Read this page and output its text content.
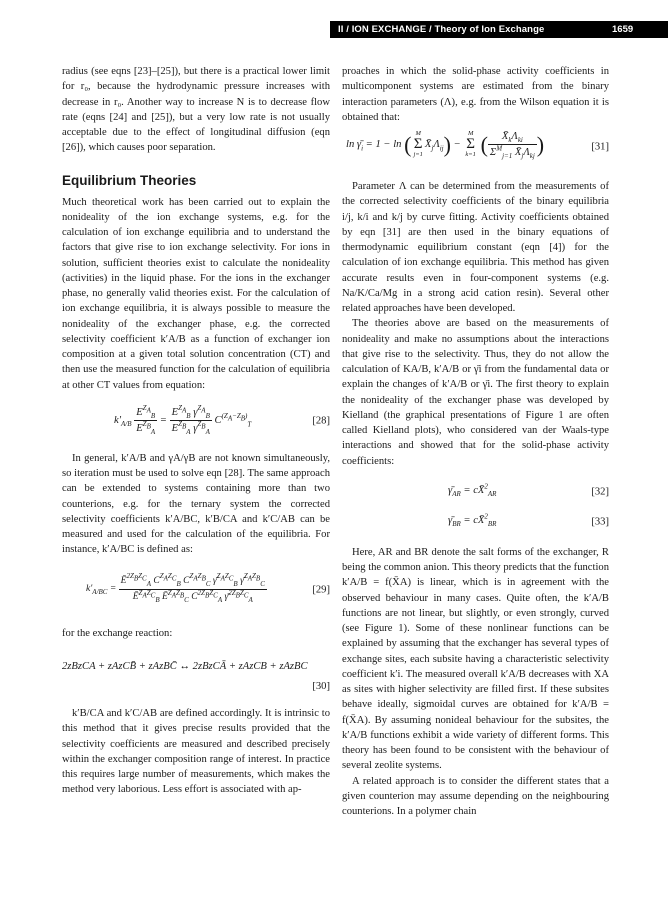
II / ION EXCHANGE / Theory of Ion Exchange	1659

radius (see eqns [23]–[25]), but there is a practical lower limit for r₀, because the hydrodynamic pressure increases with decrease in r₀. Another way to increase N is to decrease flow rate (eqns [24] and [25]), but a very low rate is not usually acceptable due to the effect of longitudinal diffusion (eqn [26]), which causes poor separation.

Equilibrium Theories

Much theoretical work has been carried out to explain the nonideality of the ion exchange systems, e.g. for the calculation of ion exchange equilibria and to understand the factors that give rise to ion exchange selectivity. For ions in solution, sufficient theories exist to calculate the nonideality (activities) in the liquid phase. For the ions in the exchanger phase, no generally valid theories exist. For the calculation of ion exchange equilibria, it is always possible to measure the nonideality of the exchanger phase, e.g. the corrected selectivity coefficient k′A/B as a function of exchanger ion composition at a given total solution concentration (CT) and then use the measured function for the calculation of equilibria at other CT values from equation:

$k'_{A/B} \frac{E^{Z_A}_B}{E^{Z_B}_A} = \frac{E^{Z_A}_B \gamma^{Z_A}_B}{E^{Z_B}_A \gamma^{Z_B}_A} C^{(Z_A-Z_B)}_T$	[28]

In general, k′A/B and γA/γB are not known simultaneously, so iteration must be used to solve eqn [28]. The same approach can be extended to systems containing more than two counterions, e.g. for the ternary system the corrected selectivity coefficients k′A/BC, k′B/CA and k′C/AB can be measured and used for the calculation of the equilibria. For instance, k′A/BC is defined as:

$k'_{A/BC} = \frac{Ē^{2Z_BZ_C}_A C^{Z_AZ_C}_B C^{Z_AZ_B}_C \gammā^{Z_AZ_C}_B \gammā^{Z_AZ_B}_C}{Ē^{Z_AZ_C}_B Ē^{Z_AZ_B}_C C^{2Z_BZ_C}_A \gammā^{2Z_BZ_C}_A}$	[29]

for the exchange reaction:

2zBzCA + zAzCB̄ + zAzBC̄ ↔ 2zBzCĀ + zAzCB + zAzBC
[30]

k′B/CA and k′C/AB are defined accordingly. It is intrinsic to this method that it gives precise results provided that the selectivity coefficients are measured and described precisely within the exchanger composition range of interest. In practice this requires large number of measurements, which makes the method very laborious. Less effort is associated with ap-

proaches in which the solid-phase activity coefficients in multicomponent systems are estimated from the binary interaction parameters (Λ), e.g. from the Wilson equation it is obtained that:

$\ln \gammā_i = 1 - \ln$ ( M
Σ
j=1
$X̄_j\Lambda_{ij}$) −
M
Σ
k=1 ( $\frac{X̄_k\Lambda_{ki}}{\Sigma^M_{j=1} X̄_j\Lambda_{kj}}$ )	[31]

Parameter Λ can be determined from the measurements of the corrected selectivity coefficients of the binary equilibria i/j, k/i and k/j by curve fitting. Activity coefficients obtained by eqn [31] are then used in the binary equations of thermodynamic equilibrium constant (eqn [4]) for the calculation of ion exchange equilibria. This method has given accurate results even in four-component systems (e.g. Na/K/Ca/Mg in a strong acid cation resin). Several other related approaches have been developed.

The theories above are based on the measurements of nonideality and make no assumptions about the interactions that give rise to the selectivity. Thus, they do not allow the calculation of KA/B, k′A/B or γ̄i from the fundamental data or explain the changes of k′A/B or γ̄i. The first theory to explain the nonideality of the exchanger phase was developed by Kielland (the graphical presentations of Figure 1 are often called Kielland plots), who considered van der Waals-type interactions and showed that for the solid-phase activity coefficients:

$\gammā_{AR}$ = cX̄$^2_{AR}$	[32]
$\gammā_{BR}$ = cX̄$^2_{BR}$	[33]

Here, AR and BR denote the salt forms of the exchanger, R being the common anion. This theory predicts that the function k′A/B = f(X̄A) is linear, which is in agreement with the observed behaviour in many cases. Quite often, the k′A/B functions are not linear, but slightly, or even strongly, curved (see Figure 1). Some of these nonlinear functions can be explained by assuming that the exchanger has several types of exchange sites, each subsite having a characteristic selectivity coefficient k′i. The measured overall k′A/B decreases with XA as sites with higher selectivity are filled first. If these subsites behave ideally, sigmoidal curves are obtained for k′A/B = f(X̄A). By assuming nonideal behaviour for the subsites, the k′A/B functions exhibit a wide variety of different forms. This theory has been found to be consistent with the behaviour of several zeolite systems.

A related approach is to consider the different states that a given counterion may assume depending on the neighbouring counterions. In a polymer chain
